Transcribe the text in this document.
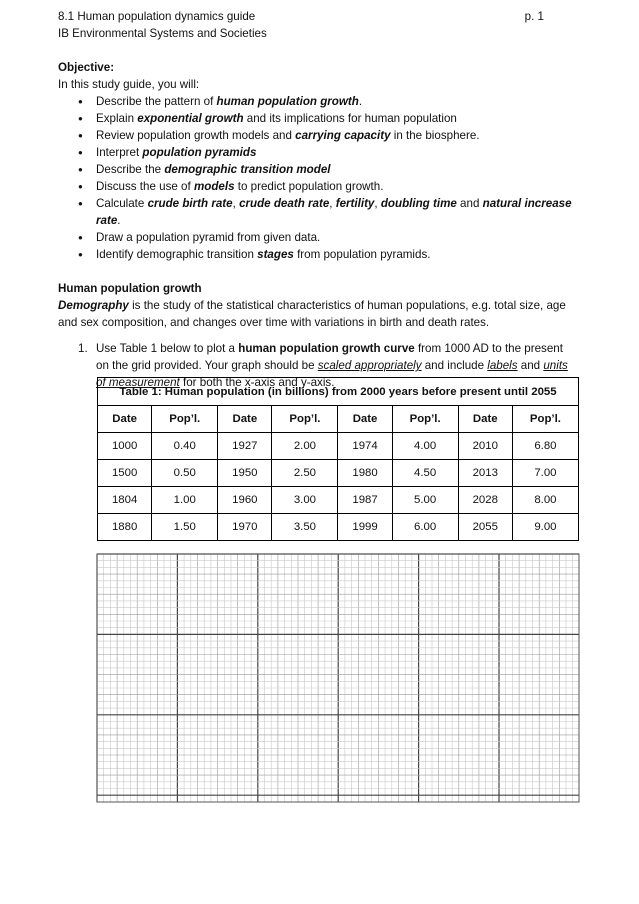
8.1 Human population dynamics guide	p. 1
IB Environmental Systems and Societies
Objective:
In this study guide, you will:
● Describe the pattern of human population growth.
● Explain exponential growth and its implications for human population
● Review population growth models and carrying capacity in the biosphere.
● Interpret population pyramids
● Describe the demographic transition model
● Discuss the use of models to predict population growth.
● Calculate crude birth rate, crude death rate, fertility, doubling time and natural increase
rate.
● Draw a population pyramid from given data.
● Identify demographic transition stages from population pyramids.
Human population growth
Demography is the study of the statistical characteristics of human populations, e.g. total size, age
and sex composition, and changes over time with variations in birth and death rates.
1. Use Table 1 below to plot a human population growth curve from 1000 AD to the present
on the grid provided. Your graph should be scaled appropriately and include labels and units
of measurement for both the x-axis and y-axis.
Table 1: Human population (in billions) from 2000 years before present until 2055							
Date	Pop’l.	Date	Pop’l.	Date	Pop’l.	Date	Pop’l.
1000	0.40	1927	2.00	1974	4.00	2010	6.80
1500	0.50	1950	2.50	1980	4.50	2013	7.00
1804	1.00	1960	3.00	1987	5.00	2028	8.00
1880	1.50	1970	3.50	1999	6.00	2055	9.00
